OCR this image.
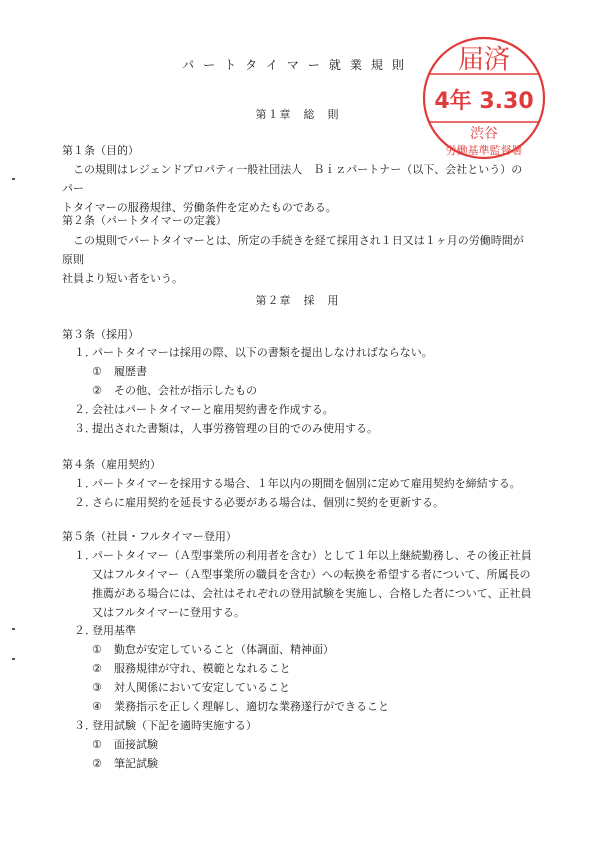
パートタイマー就業規則	届済
4年 3.30
渋谷
労働基準監督署
第１章　総　則
第１条（目的）
この規則はレジェンドプロパティ一般社団法人　Ｂｉｚパートナー（以下、会社という）のパー
トタイマーの服務規律、労働条件を定めたものである。
第２条（パートタイマーの定義）
この規則でパートタイマーとは、所定の手続きを経て採用され１日又は１ヶ月の労働時間が原則
社員より短い者をいう。
第２章　採　用
第３条（採用）
１．
パートタイマーは採用の際、以下の書類を提出しなければならない。
① 履歴書
② その他、会社が指示したもの
２．
会社はパートタイマーと雇用契約書を作成する。
３．
提出された書類は，人事労務管理の目的でのみ使用する。
第４条（雇用契約）
１．
パートタイマーを採用する場合、１年以内の期間を個別に定めて雇用契約を締結する。
２．
さらに雇用契約を延長する必要がある場合は、個別に契約を更新する。
第５条（社員・フルタイマー登用）
１．
パートタイマー（Ａ型事業所の利用者を含む）として１年以上継続勤務し、その後正社員又はフルタイマー（Ａ型事業所の職員を含む）への転換を希望する者について、所属長の推薦がある場合には、会社はそれぞれの登用試験を実施し、合格した者について、正社員又はフルタイマーに登用する。
２．
登用基準
① 勤怠が安定していること（体調面、精神面）
② 服務規律が守れ、模範となれること
③ 対人関係において安定していること
④ 業務指示を正しく理解し、適切な業務遂行ができること
３．
登用試験（下記を適時実施する）
① 面接試験
② 筆記試験
